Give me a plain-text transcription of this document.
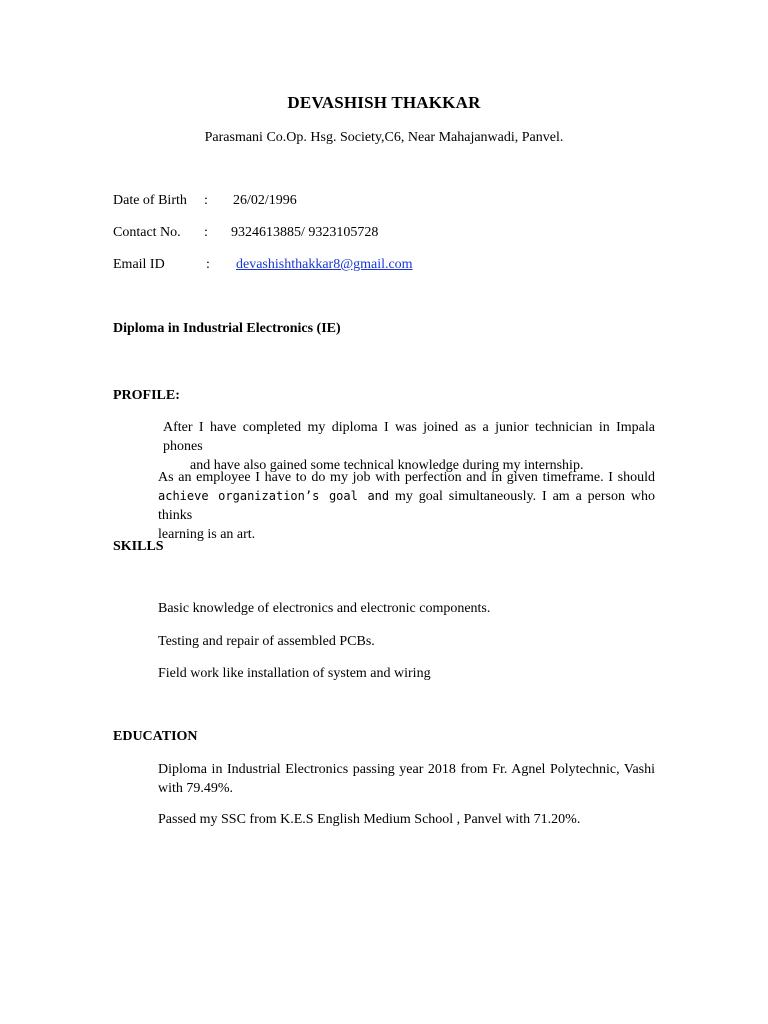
DEVASHISH THAKKAR
Parasmani Co.Op. Hsg. Society,C6, Near Mahajanwadi, Panvel.
Date of Birth : 26/02/1996
Contact No. : 9324613885/ 9323105728
Email ID	: devashishthakkar8@gmail.com
Diploma in Industrial Electronics (IE)
PROFILE:
After I have completed my diploma I was joined as a junior technician in Impala phones
and have also gained some technical knowledge during my internship.
As an employee I have to do my job with perfection and in given timeframe. I should
achieve organization’s goal and my goal simultaneously. I am a person who thinks
learning is an art.
SKILLS
Basic knowledge of electronics and electronic components.
Testing and repair of assembled PCBs.
Field work like installation of system and wiring
EDUCATION
Diploma in Industrial Electronics passing year 2018 from Fr. Agnel Polytechnic, Vashi
with 79.49%.
Passed my SSC from K.E.S English Medium School , Panvel with 71.20%.
